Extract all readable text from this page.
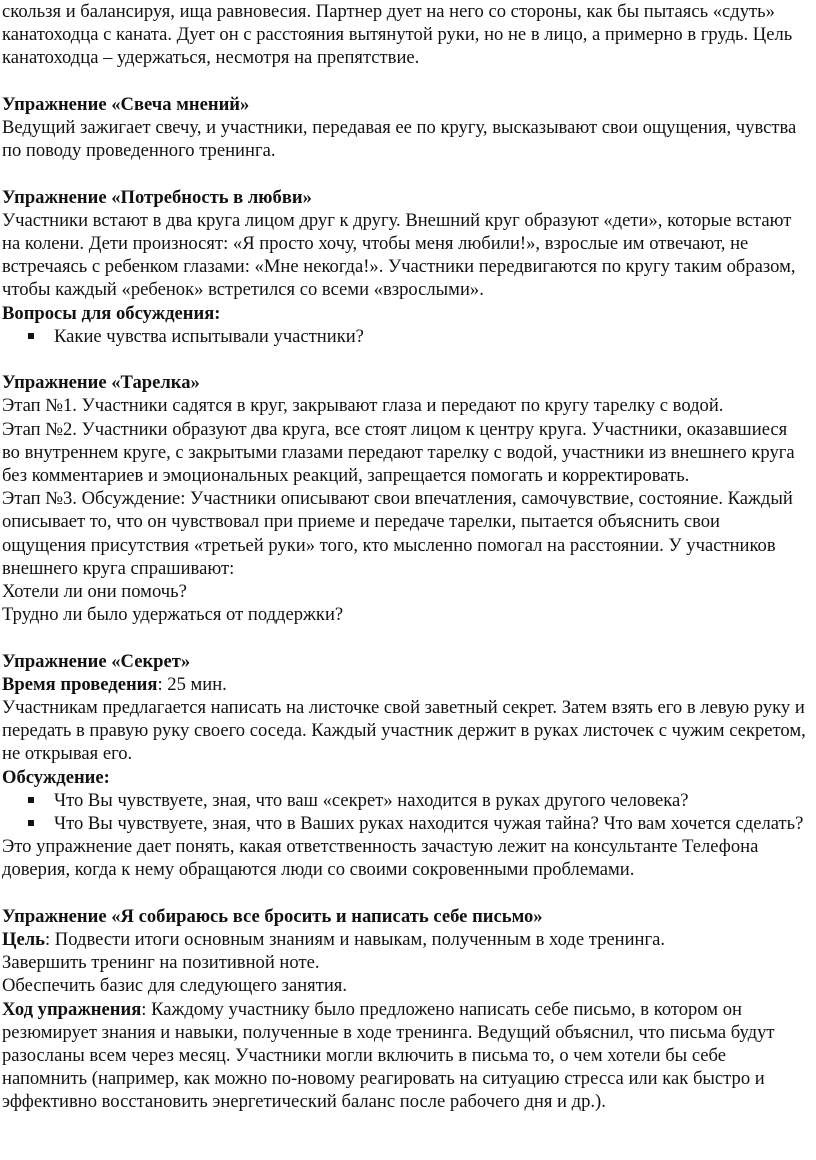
скользя и балансируя, ища равновесия. Партнер дует на него со стороны, как бы пытаясь «сдуть» канатоходца с каната. Дует он с расстояния вытянутой руки, но не в лицо, а примерно в грудь. Цель канатоходца – удержаться, несмотря на препятствие.

Упражнение «Свеча мнений»

Ведущий зажигает свечу, и участники, передавая ее по кругу, высказывают свои ощущения, чувства по поводу проведенного тренинга.

Упражнение «Потребность в любви»

Участники встают в два круга лицом друг к другу. Внешний круг образуют «дети», которые встают на колени. Дети произносят: «Я просто хочу, чтобы меня любили!», взрослые им отвечают, не встречаясь с ребенком глазами: «Мне некогда!». Участники передвигаются по кругу таким образом, чтобы каждый «ребенок» встретился со всеми «взрослыми».

Вопросы для обсуждения:

Какие чувства испытывали участники?

Упражнение «Тарелка»

Этап №1. Участники садятся в круг, закрывают глаза и передают по кругу тарелку с водой.

Этап №2. Участники образуют два круга, все стоят лицом к центру круга. Участники, оказавшиеся во внутреннем круге, с закрытыми глазами передают тарелку с водой, участники из внешнего круга без комментариев и эмоциональных реакций, запрещается помогать и корректировать.

Этап №3. Обсуждение: Участники описывают свои впечатления, самочувствие, состояние. Каждый описывает то, что он чувствовал при приеме и передаче тарелки, пытается объяснить свои ощущения присутствия «третьей руки» того, кто мысленно помогал на расстоянии. У участников внешнего круга спрашивают:

Хотели ли они помочь?

Трудно ли было удержаться от поддержки?

Упражнение «Секрет»

Время проведения: 25 мин.

Участникам предлагается написать на листочке свой заветный секрет. Затем взять его в левую руку и передать в правую руку своего соседа. Каждый участник держит в руках листочек с чужим секретом, не открывая его.

Обсуждение:

Что Вы чувствуете, зная, что ваш «секрет» находится в руках другого человека?
Что Вы чувствуете, зная, что в Ваших руках находится чужая тайна? Что вам хочется сделать?

Это упражнение дает понять, какая ответственность зачастую лежит на консультанте Телефона доверия, когда к нему обращаются люди со своими сокровенными проблемами.

Упражнение «Я собираюсь все бросить и написать себе письмо»

Цель: Подвести итоги основным знаниям и навыкам, полученным в ходе тренинга.

Завершить тренинг на позитивной ноте.

Обеспечить базис для следующего занятия.

Ход упражнения: Каждому участнику было предложено написать себе письмо, в котором он резюмирует знания и навыки, полученные в ходе тренинга. Ведущий объяснил, что письма будут разосланы всем через месяц. Участники могли включить в письма то, о чем хотели бы себе напомнить (например, как можно по-новому реагировать на ситуацию стресса или как быстро и эффективно восстановить энергетический баланс после рабочего дня и др.).
